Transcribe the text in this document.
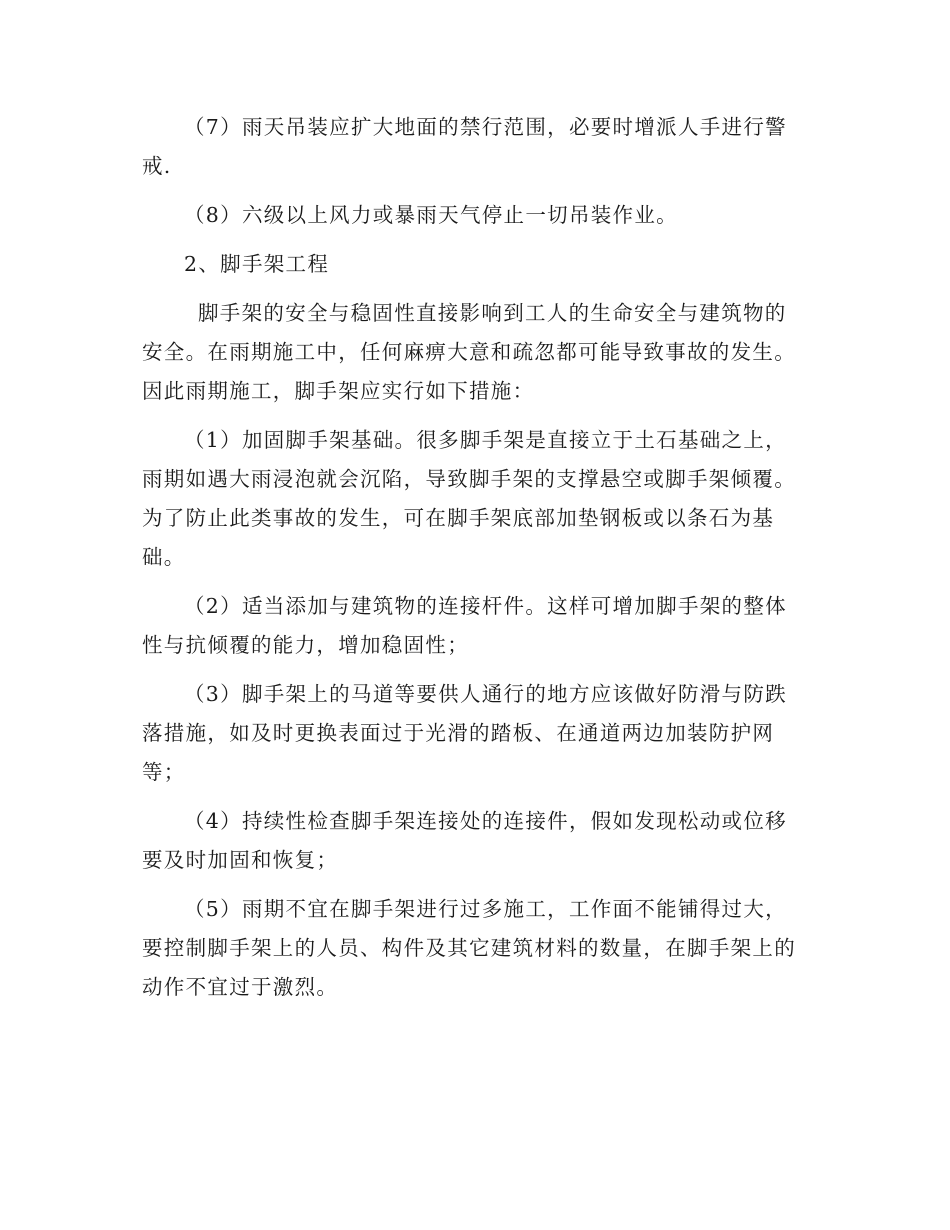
（7）雨天吊装应扩大地面的禁行范围，必要时增派人手进行警戒.

（8）六级以上风力或暴雨天气停止一切吊装作业。

2、脚手架工程

脚手架的安全与稳固性直接影响到工人的生命安全与建筑物的安全。在雨期施工中，任何麻痹大意和疏忽都可能导致事故的发生。因此雨期施工，脚手架应实行如下措施：

（1）加固脚手架基础。很多脚手架是直接立于土石基础之上，雨期如遇大雨浸泡就会沉陷，导致脚手架的支撑悬空或脚手架倾覆。为了防止此类事故的发生，可在脚手架底部加垫钢板或以条石为基础。

（2）适当添加与建筑物的连接杆件。这样可增加脚手架的整体性与抗倾覆的能力，增加稳固性；

（3）脚手架上的马道等要供人通行的地方应该做好防滑与防跌落措施，如及时更换表面过于光滑的踏板、在通道两边加装防护网等；

（4）持续性检查脚手架连接处的连接件，假如发现松动或位移要及时加固和恢复；

（5）雨期不宜在脚手架进行过多施工，工作面不能铺得过大，要控制脚手架上的人员、构件及其它建筑材料的数量，在脚手架上的动作不宜过于激烈。
